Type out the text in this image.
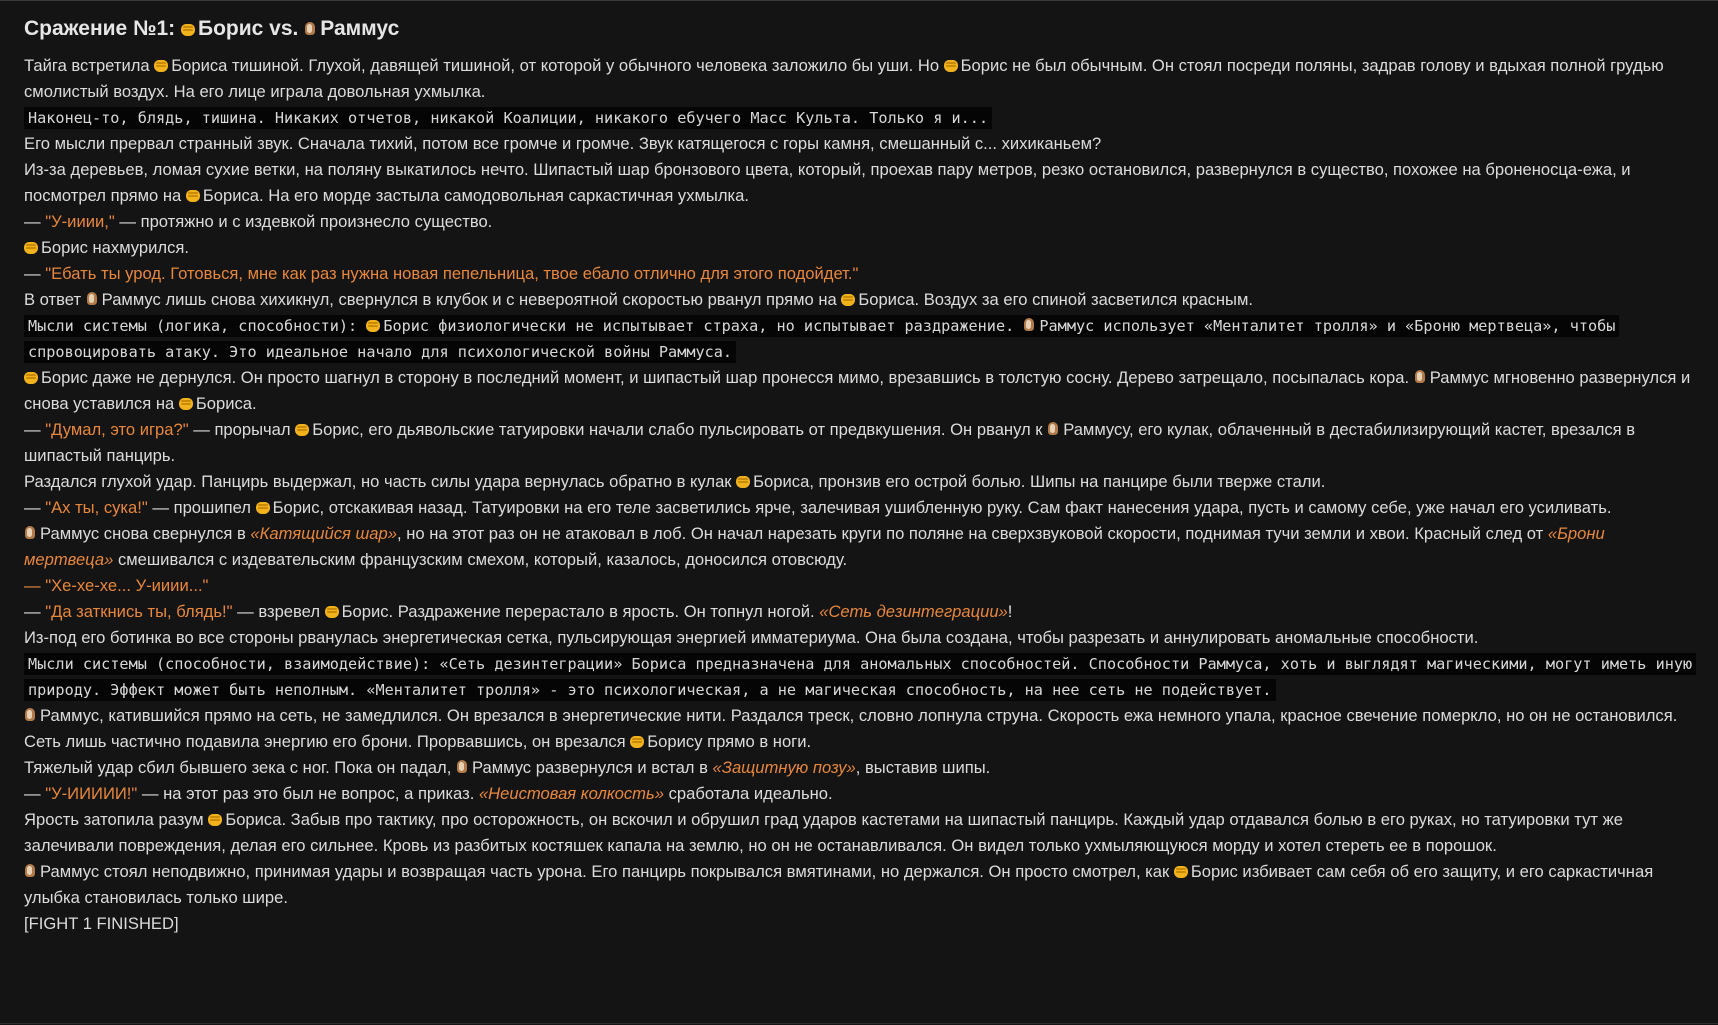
Сражение №1: Борис vs. Раммус

Тайга встретила Бориса тишиной. Глухой, давящей тишиной, от которой у обычного человека заложило бы уши. Но Борис не был обычным. Он стоял посреди поляны, задрав голову и вдыхая полной грудью смолистый воздух. На его лице играла довольная ухмылка.

Наконец-то, блядь, тишина. Никаких отчетов, никакой Коалиции, никакого ебучего Масс Культа. Только я и...

Его мысли прервал странный звук. Сначала тихий, потом все громче и громче. Звук катящегося с горы камня, смешанный с... хихиканьем?

Из-за деревьев, ломая сухие ветки, на поляну выкатилось нечто. Шипастый шар бронзового цвета, который, проехав пару метров, резко остановился, развернулся в существо, похожее на броненосца-ежа, и посмотрел прямо на Бориса. На его морде застыла самодовольная саркастичная ухмылка.

— "У-ииии," — протяжно и с издевкой произнесло существо.

Борис нахмурился.

— "Ебать ты урод. Готовься, мне как раз нужна новая пепельница, твое ебало отлично для этого подойдет."

В ответ Раммус лишь снова хихикнул, свернулся в клубок и с невероятной скоростью рванул прямо на Бориса. Воздух за его спиной засветился красным.

Мысли системы (логика, способности): Борис физиологически не испытывает страха, но испытывает раздражение. Раммус использует «Менталитет тролля» и «Броню мертвеца», чтобы спровоцировать атаку. Это идеальное начало для психологической войны Раммуса.

Борис даже не дернулся. Он просто шагнул в сторону в последний момент, и шипастый шар пронесся мимо, врезавшись в толстую сосну. Дерево затрещало, посыпалась кора. Раммус мгновенно развернулся и снова уставился на Бориса.

— "Думал, это игра?" — прорычал Борис, его дьявольские татуировки начали слабо пульсировать от предвкушения. Он рванул к Раммусу, его кулак, облаченный в дестабилизирующий кастет, врезался в шипастый панцирь.

Раздался глухой удар. Панцирь выдержал, но часть силы удара вернулась обратно в кулак Бориса, пронзив его острой болью. Шипы на панцире были тверже стали.

— "Ах ты, сука!" — прошипел Борис, отскакивая назад. Татуировки на его теле засветились ярче, залечивая ушибленную руку. Сам факт нанесения удара, пусть и самому себе, уже начал его усиливать.

Раммус снова свернулся в «Катящийся шар», но на этот раз он не атаковал в лоб. Он начал нарезать круги по поляне на сверхзвуковой скорости, поднимая тучи земли и хвои. Красный след от «Брони мертвеца» смешивался с издевательским французским смехом, который, казалось, доносился отовсюду.

— "Хе-хе-хе... У-ииии..."

— "Да заткнись ты, блядь!" — взревел Борис. Раздражение перерастало в ярость. Он топнул ногой. «Сеть дезинтеграции»!

Из-под его ботинка во все стороны рванулась энергетическая сетка, пульсирующая энергией имматериума. Она была создана, чтобы разрезать и аннулировать аномальные способности.

Мысли системы (способности, взаимодействие): «Сеть дезинтеграции» Бориса предназначена для аномальных способностей. Способности Раммуса, хоть и выглядят магическими, могут иметь иную природу. Эффект может быть неполным. «Менталитет тролля» - это психологическая, а не магическая способность, на нее сеть не подействует.

Раммус, катившийся прямо на сеть, не замедлился. Он врезался в энергетические нити. Раздался треск, словно лопнула струна. Скорость ежа немного упала, красное свечение померкло, но он не остановился. Сеть лишь частично подавила энергию его брони. Прорвавшись, он врезался Борису прямо в ноги.

Тяжелый удар сбил бывшего зека с ног. Пока он падал, Раммус развернулся и встал в «Защитную позу», выставив шипы.

— "У-ИИИИИ!" — на этот раз это был не вопрос, а приказ. «Неистовая колкость» сработала идеально.

Ярость затопила разум Бориса. Забыв про тактику, про осторожность, он вскочил и обрушил град ударов кастетами на шипастый панцирь. Каждый удар отдавался болью в его руках, но татуировки тут же залечивали повреждения, делая его сильнее. Кровь из разбитых костяшек капала на землю, но он не останавливался. Он видел только ухмыляющуюся морду и хотел стереть ее в порошок.

Раммус стоял неподвижно, принимая удары и возвращая часть урона. Его панцирь покрывался вмятинами, но держался. Он просто смотрел, как Борис избивает сам себя об его защиту, и его саркастичная улыбка становилась только шире.

[FIGHT 1 FINISHED]
